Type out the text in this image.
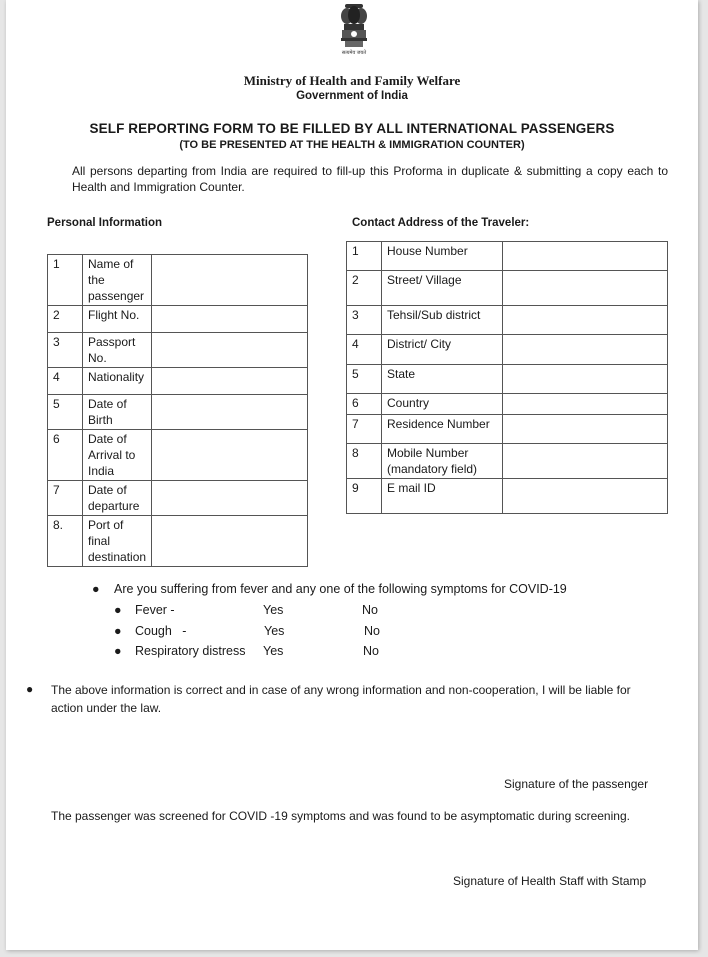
सत्यमेव जयते
Ministry of Health and Family Welfare
Government of India
SELF REPORTING FORM TO BE FILLED BY ALL INTERNATIONAL PASSENGERS
(TO BE PRESENTED AT THE HEALTH & IMMIGRATION COUNTER)
All persons departing from India are required to fill-up this Proforma in duplicate & submitting a copy each to Health and Immigration Counter.
Personal Information	Contact Address of the Traveler:
1	Name of the passenger	
2	Flight No.	
3	Passport No.	
4	Nationality	
5	Date of Birth	
6	Date of Arrival to India	
7	Date of departure	
8.	Port of final destination	
1	House Number	
2	Street/ Village	
3	Tehsil/Sub district	
4	District/ City	
5	State	
6	Country	
7	Residence Number	
8	Mobile Number (mandatory field)	
9	E mail ID	
● Are you suffering from fever and any one of the following symptoms for COVID-19
● Fever -	Yes	No
● Cough   -	Yes	No
● Respiratory distress Yes	No
● The above information is correct and in case of any wrong information and non-cooperation, I will be liable for action under the law.
Signature of the passenger
The passenger was screened for COVID -19 symptoms and was found to be asymptomatic during screening.
Signature of Health Staff with Stamp
